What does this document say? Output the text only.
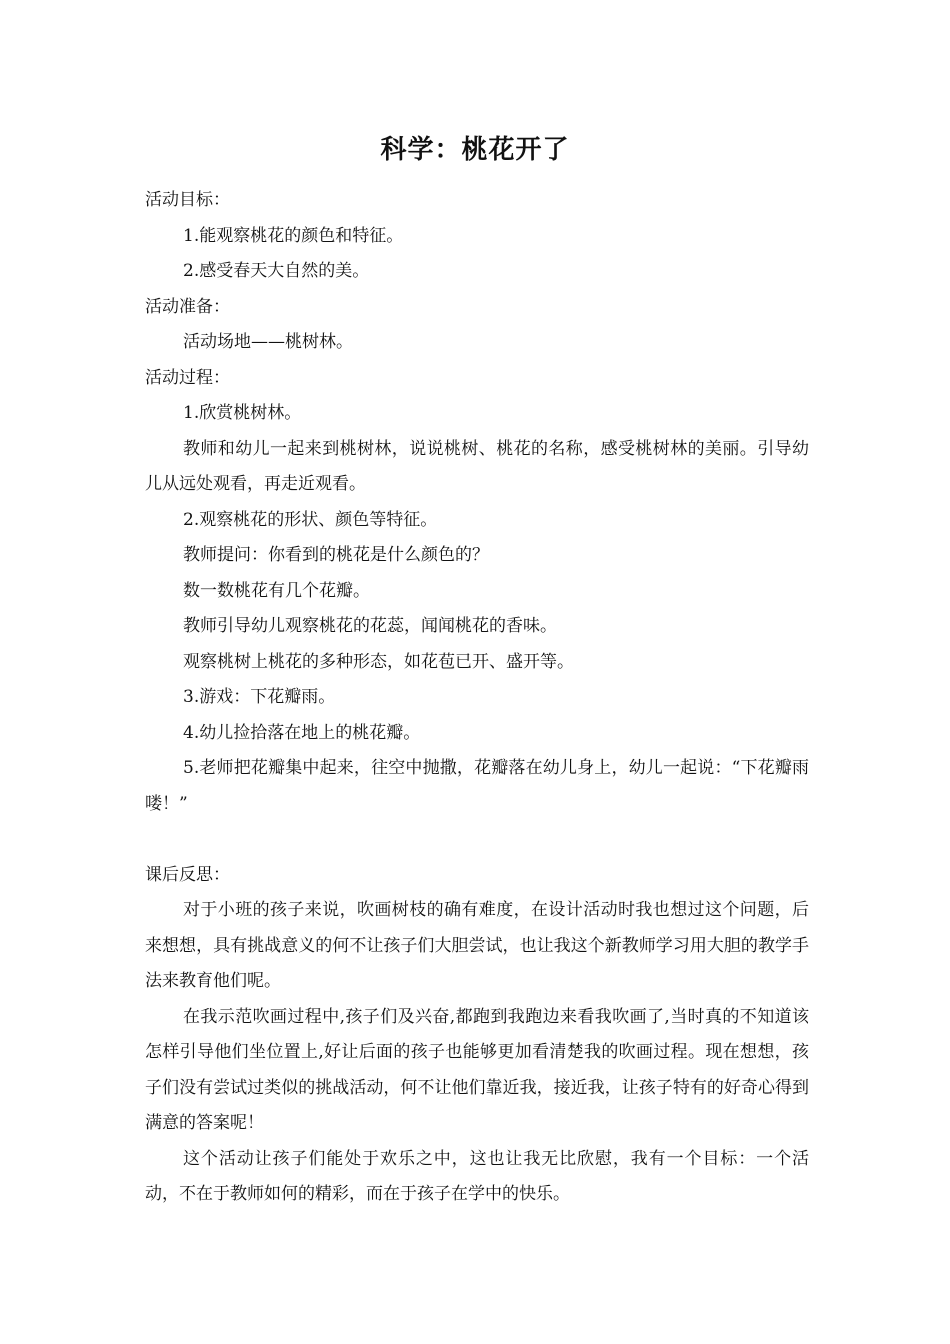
科学：桃花开了

活动目标：

1.能观察桃花的颜色和特征。

2.感受春天大自然的美。

活动准备：

活动场地——桃树林。

活动过程：

1.欣赏桃树林。

教师和幼儿一起来到桃树林，说说桃树、桃花的名称，感受桃树林的美丽。引导幼儿从远处观看，再走近观看。

2.观察桃花的形状、颜色等特征。

教师提问：你看到的桃花是什么颜色的？

数一数桃花有几个花瓣。

教师引导幼儿观察桃花的花蕊，闻闻桃花的香味。

观察桃树上桃花的多种形态，如花苞已开、盛开等。

3.游戏：下花瓣雨。

4.幼儿捡拾落在地上的桃花瓣。

5.老师把花瓣集中起来，往空中抛撒，花瓣落在幼儿身上，幼儿一起说：“下花瓣雨喽！”

课后反思：

对于小班的孩子来说，吹画树枝的确有难度，在设计活动时我也想过这个问题，后来想想，具有挑战意义的何不让孩子们大胆尝试，也让我这个新教师学习用大胆的教学手法来教育他们呢。

在我示范吹画过程中,孩子们及兴奋,都跑到我跑边来看我吹画了,当时真的不知道该怎样引导他们坐位置上,好让后面的孩子也能够更加看清楚我的吹画过程。现在想想，孩子们没有尝试过类似的挑战活动，何不让他们靠近我，接近我，让孩子特有的好奇心得到满意的答案呢！

这个活动让孩子们能处于欢乐之中，这也让我无比欣慰，我有一个目标：一个活动，不在于教师如何的精彩，而在于孩子在学中的快乐。
